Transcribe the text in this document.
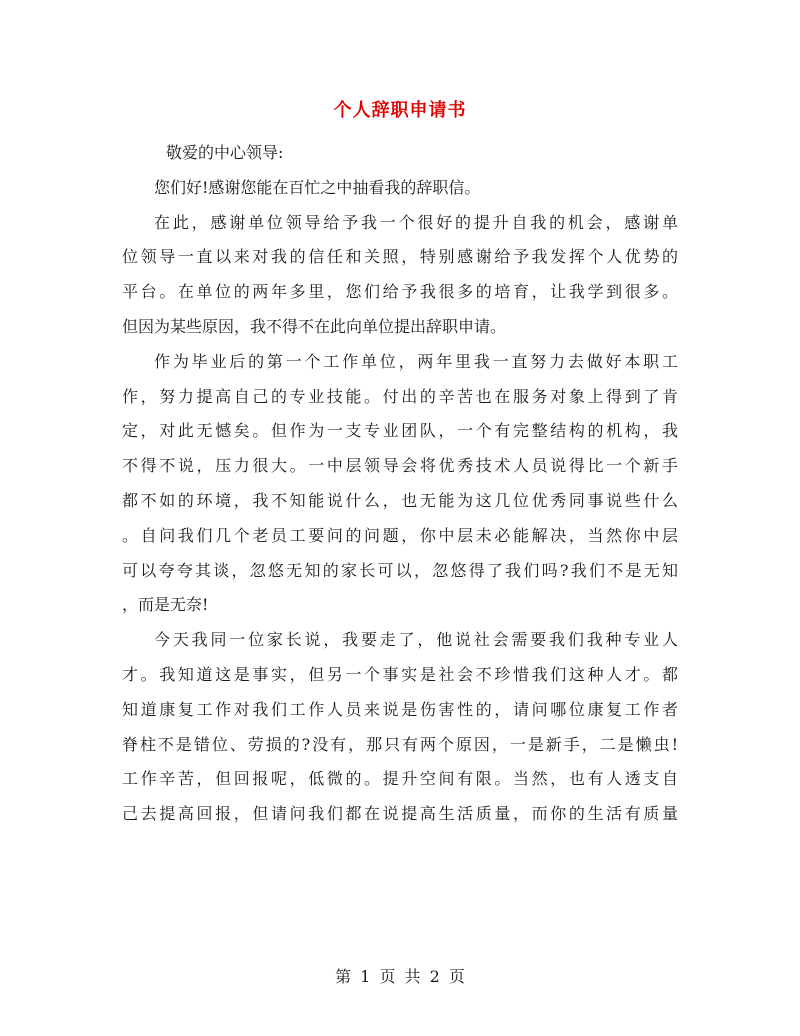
个人辞职申请书

敬爱的中心领导:

您们好!感谢您能在百忙之中抽看我的辞职信。

在此，感谢单位领导给予我一个很好的提升自我的机会，感谢单
位领导一直以来对我的信任和关照，特别感谢给予我发挥个人优势的
平台。在单位的两年多里，您们给予我很多的培育，让我学到很多。
但因为某些原因，我不得不在此向单位提出辞职申请。

作为毕业后的第一个工作单位，两年里我一直努力去做好本职工
作，努力提高自己的专业技能。付出的辛苦也在服务对象上得到了肯
定，对此无憾矣。但作为一支专业团队，一个有完整结构的机构，我
不得不说，压力很大。一中层领导会将优秀技术人员说得比一个新手
都不如的环境，我不知能说什么，也无能为这几位优秀同事说些什么
。自问我们几个老员工要问的问题，你中层未必能解决，当然你中层
可以夸夸其谈，忽悠无知的家长可以，忽悠得了我们吗?我们不是无知
，而是无奈!

今天我同一位家长说，我要走了，他说社会需要我们我种专业人
才。我知道这是事实，但另一个事实是社会不珍惜我们这种人才。都
知道康复工作对我们工作人员来说是伤害性的，请问哪位康复工作者
脊柱不是错位、劳损的?没有，那只有两个原因，一是新手，二是懒虫!
工作辛苦，但回报呢，低微的。提升空间有限。当然，也有人透支自
己去提高回报，但请问我们都在说提高生活质量，而你的生活有质量

第 1 页 共 2 页
